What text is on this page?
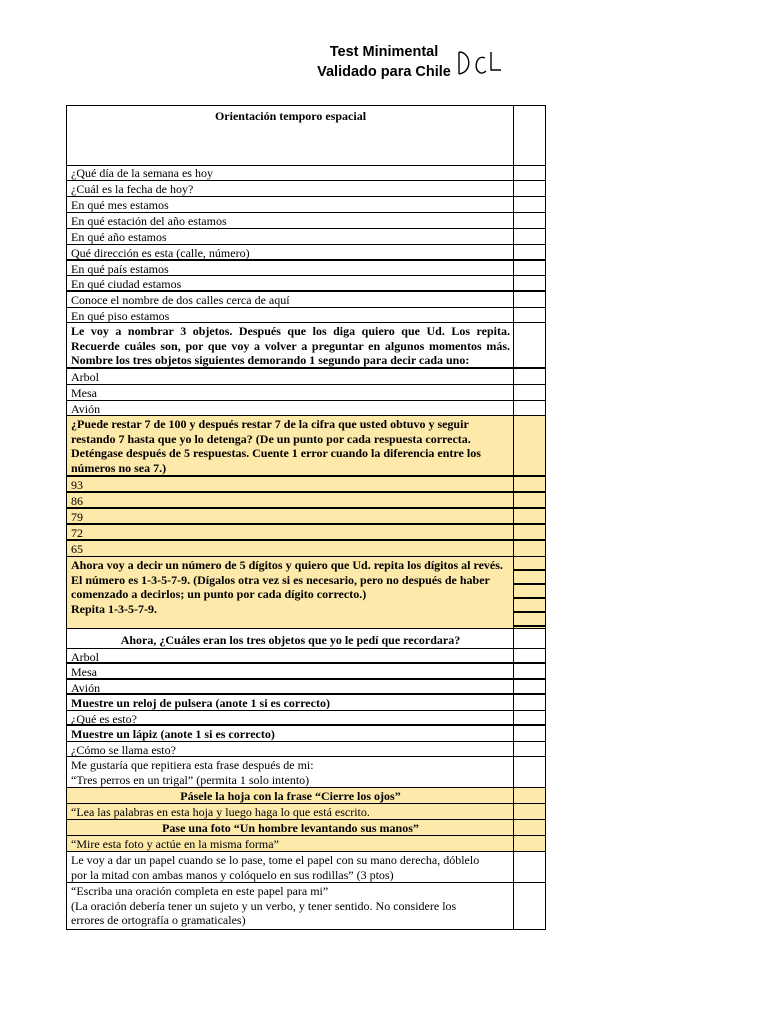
Test Minimental
Validado para Chile
Orientación temporo espacial
¿Qué día de la semana es hoy
¿Cuál es la fecha de hoy?
En qué mes estamos
En qué estación del año estamos
En qué año estamos
Qué dirección es esta (calle, número)
En qué país estamos
En qué ciudad estamos
Conoce el nombre de dos calles cerca de aquí
En qué piso estamos
Le voy a nombrar 3 objetos. Después que los diga quiero que Ud. Los repita. Recuerde cuáles son, por que voy a volver a preguntar en algunos momentos más. Nombre los tres objetos siguientes demorando 1 segundo para decir cada uno:
Arbol
Mesa
Avión
¿Puede restar 7 de 100 y después restar 7 de la cifra que usted obtuvo y seguir restando 7 hasta que yo lo detenga? (De un punto por cada respuesta correcta. Deténgase después de 5 respuestas. Cuente 1 error cuando la diferencia entre los números no sea 7.)
93
86
79
72
65
Ahora voy a decir un número de 5 dígitos y quiero que Ud. repita los dígitos al revés. El número es 1-3-5-7-9. (Dígalos otra vez si es necesario, pero no después de haber comenzado a decirlos; un punto por cada dígito correcto.)
Repita 1-3-5-7-9.
Ahora, ¿Cuáles eran los tres objetos que yo le pedí que recordara?
Arbol
Mesa
Avión
Muestre un reloj de pulsera (anote 1 si es correcto)
¿Qué es esto?
Muestre un lápiz (anote 1 si es correcto)
¿Cómo se llama esto?
Me gustaría que repitiera esta frase después de mi:
“Tres perros en un trigal” (permita 1 solo intento)
Pásele la hoja con la frase “Cierre los ojos”
“Lea las palabras en esta hoja y luego haga lo que está escrito.
Pase una foto “Un hombre levantando sus manos”
“Mire esta foto y actúe en la misma forma”
Le voy a dar un papel cuando se lo pase, tome el papel con su mano derecha, dóblelo
por la mitad con ambas manos y colóquelo en sus rodillas” (3 ptos)
“Escriba una oración completa en este papel para mi”
(La oración debería tener un sujeto y un verbo, y tener sentido. No considere los
errores de ortografía o gramaticales)
